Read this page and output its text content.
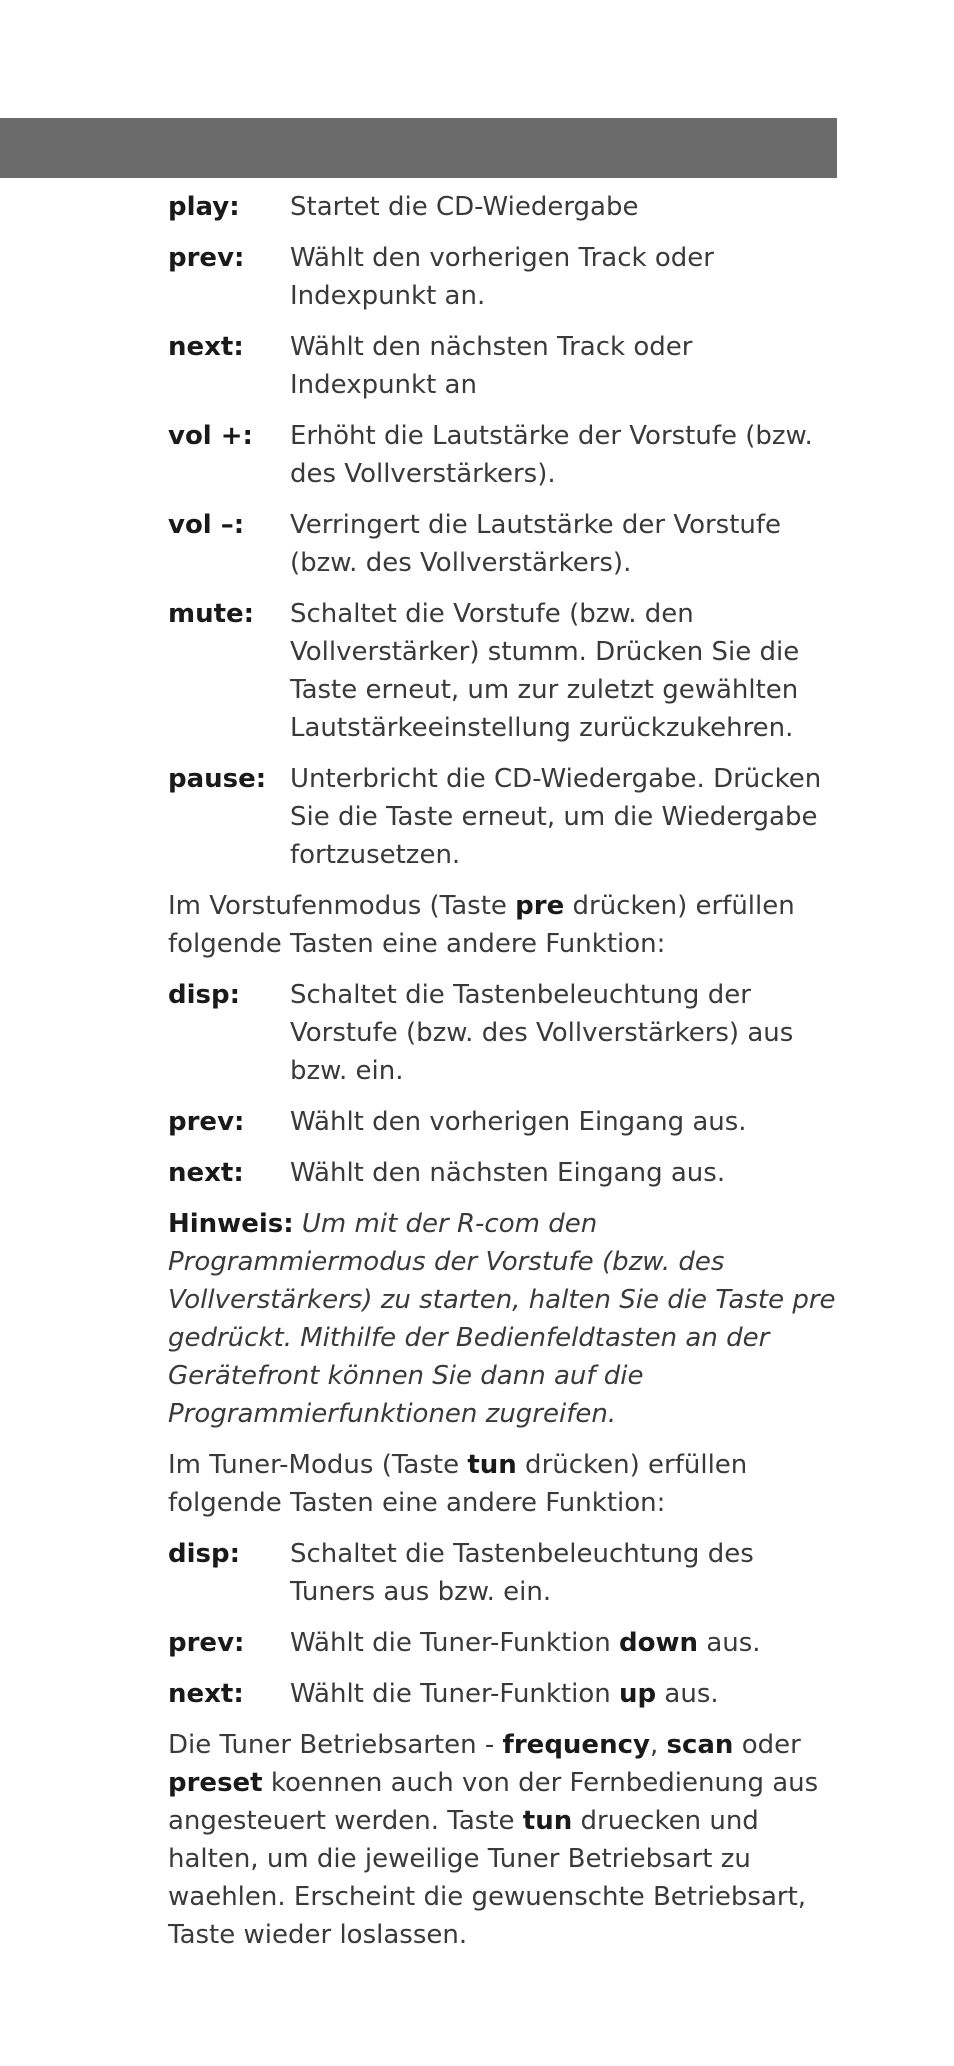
play:	Startet die CD-Wiedergabe
prev:	Wählt den vorherigen Track oder Indexpunkt an.
next:	Wählt den nächsten Track oder Indexpunkt an
vol +:	Erhöht die Lautstärke der Vorstufe (bzw. des Vollverstärkers).
vol –:	Verringert die Lautstärke der Vorstufe (bzw. des Vollverstärkers).
mute:	Schaltet die Vorstufe (bzw. den Vollverstärker) stumm. Drücken Sie die Taste erneut, um zur zuletzt gewählten Lautstärkeeinstellung zurückzukehren.
pause: Unterbricht die CD-Wiedergabe. Drücken Sie die Taste erneut, um die Wiedergabe fortzusetzen.
Im Vorstufenmodus (Taste pre drücken) erfüllen folgende Tasten eine andere Funktion:
disp:	Schaltet die Tastenbeleuchtung der Vorstufe (bzw. des Vollverstärkers) aus bzw. ein.
prev:	Wählt den vorherigen Eingang aus.
next:	Wählt den nächsten Eingang aus.
Hinweis: Um mit der R-com den Programmiermodus der Vorstufe (bzw. des Vollverstärkers) zu starten, halten Sie die Taste pre gedrückt. Mithilfe der Bedienfeldtasten an der Gerätefront können Sie dann auf die Programmierfunktionen zugreifen.
Im Tuner-Modus (Taste tun drücken) erfüllen folgende Tasten eine andere Funktion:
disp:	Schaltet die Tastenbeleuchtung des Tuners aus bzw. ein.
prev:	Wählt die Tuner-Funktion down aus.
next:	Wählt die Tuner-Funktion up aus.
Die Tuner Betriebsarten - frequency, scan oder preset koennen auch von der Fernbedienung aus angesteuert werden. Taste tun druecken und halten, um die jeweilige Tuner Betriebsart zu waehlen. Erscheint die gewuenschte Betriebsart, Taste wieder loslassen.
